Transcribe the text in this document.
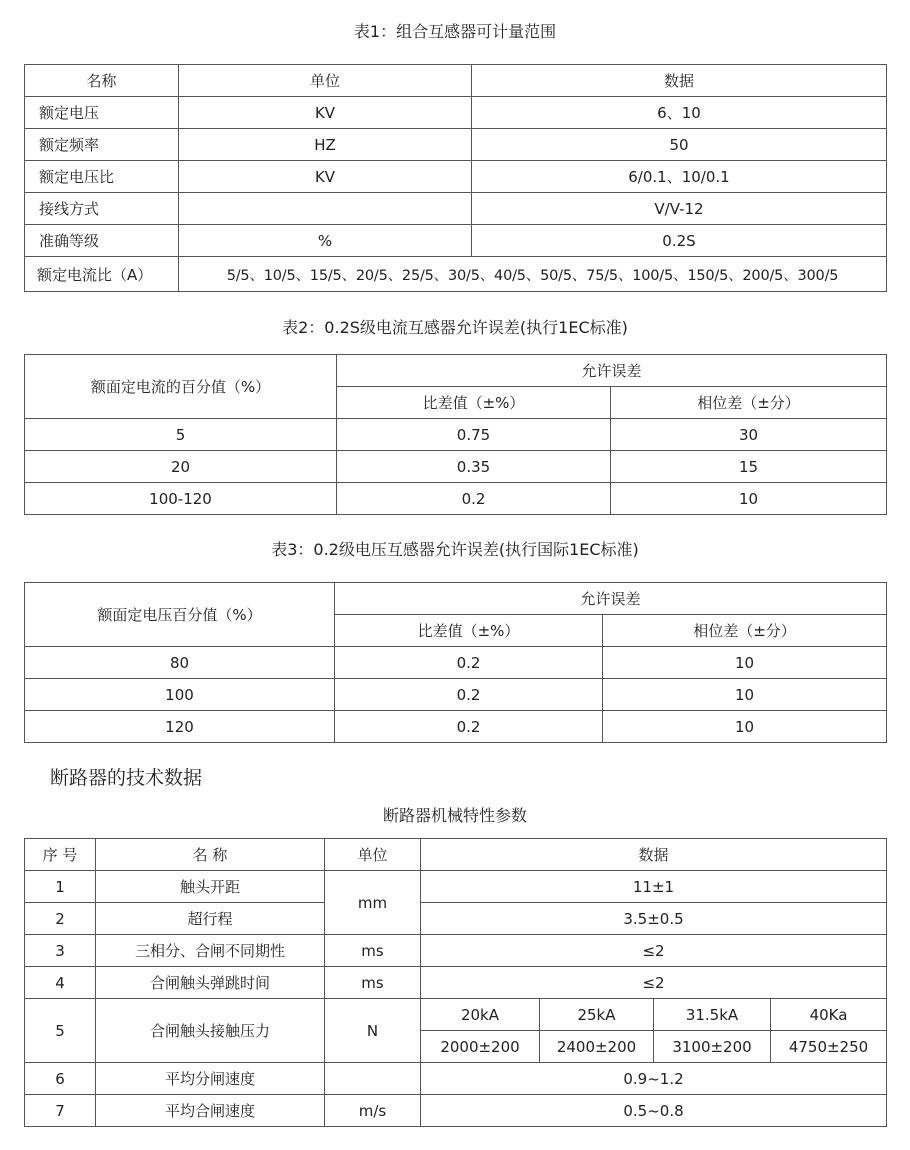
表1：组合互感器可计量范围
名称	单位	数据
额定电压	KV	6、10
额定频率	HZ	50
额定电压比	KV	6/0.1、10/0.1
接线方式		V/V-12
准确等级	%	0.2S
额定电流比（A）	5/5、10/5、15/5、20/5、25/5、30/5、40/5、50/5、75/5、100/5、150/5、200/5、300/5	
表2：0.2S级电流互感器允许误差(执行1EC标准)
额面定电流的百分值（%）	允许误差	
	比差值（±%）	相位差（±分）
5	0.75	30
20	0.35	15
100-120	0.2	10
表3：0.2级电压互感器允许误差(执行国际1EC标准)
额面定电压百分值（%）	允许误差	
	比差值（±%）	相位差（±分）
80	0.2	10
100	0.2	10
120	0.2	10
断路器的技术数据
断路器机械特性参数
序 号	名 称	单位	数据			
1	触头开距	mm	11±1			
2	超行程		3.5±0.5			
3	三相分、合闸不同期性	ms	≤2			
4	合闸触头弹跳时间	ms	≤2			
5	合闸触头接触压力	N	20kA	25kA	31.5kA	40Ka
			2000±200	2400±200	3100±200	4750±250
6	平均分闸速度		0.9~1.2			
7	平均合闸速度	m/s	0.5~0.8			
